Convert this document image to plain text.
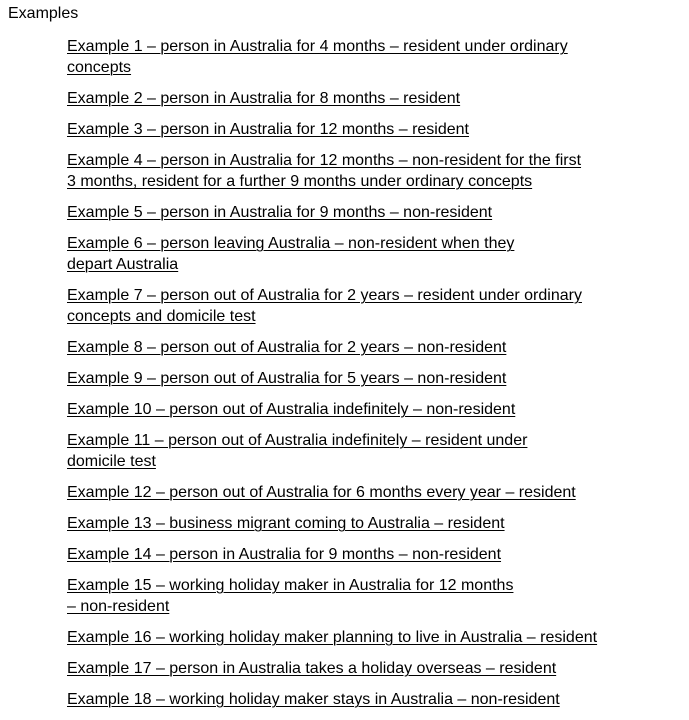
Examples
Example 1 – person in Australia for 4 months – resident under ordinary
concepts
Example 2 – person in Australia for 8 months – resident
Example 3 – person in Australia for 12 months – resident
Example 4 – person in Australia for 12 months – non-resident for the first
3 months, resident for a further 9 months under ordinary concepts
Example 5 – person in Australia for 9 months – non-resident
Example 6 – person leaving Australia – non-resident when they
depart Australia
Example 7 – person out of Australia for 2 years – resident under ordinary
concepts and domicile test
Example 8 – person out of Australia for 2 years – non-resident
Example 9 – person out of Australia for 5 years – non-resident
Example 10 – person out of Australia indefinitely – non-resident
Example 11 – person out of Australia indefinitely – resident under
domicile test
Example 12 – person out of Australia for 6 months every year – resident
Example 13 – business migrant coming to Australia – resident
Example 14 – person in Australia for 9 months – non-resident
Example 15 – working holiday maker in Australia for 12 months
– non-resident
Example 16 – working holiday maker planning to live in Australia – resident
Example 17 – person in Australia takes a holiday overseas – resident
Example 18 – working holiday maker stays in Australia – non-resident
